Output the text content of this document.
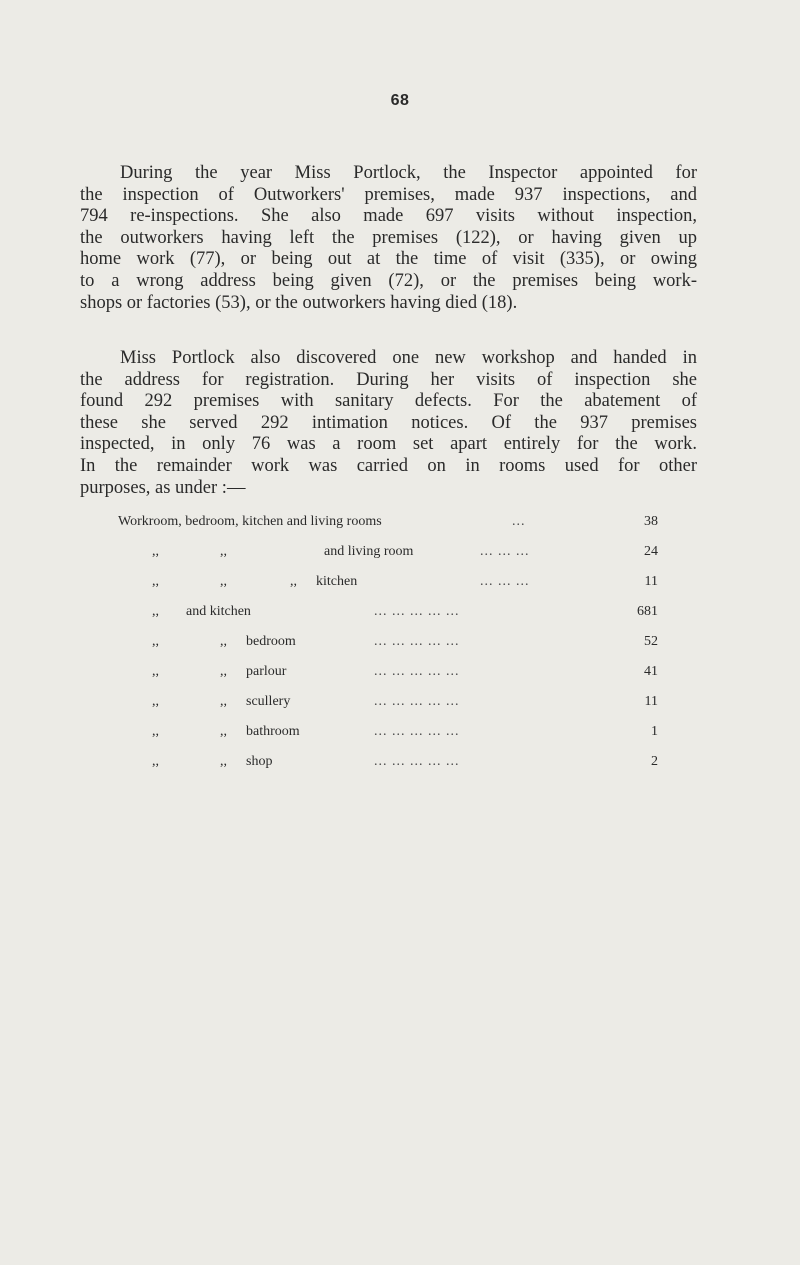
68
During the year Miss Portlock, the Inspector appointed for
the inspection of Outworkers' premises, made 937 inspections, and
794 re-inspections. She also made 697 visits without inspection,
the outworkers having left the premises (122), or having given up
home work (77), or being out at the time of visit (335), or owing
to a wrong address being given (72), or the premises being work-
shops or factories (53), or the outworkers having died (18).
Miss Portlock also discovered one new workshop and handed in
the address for registration. During her visits of inspection she
found 292 premises with sanitary defects. For the abatement of
these she served 292 intimation notices. Of the 937 premises
inspected, in only 76 was a room set apart entirely for the work.
In the remainder work was carried on in rooms used for other
purposes, as under :—
Workroom, bedroom, kitchen and living rooms	...	38
,,	,,	and living room	... ... ...	24
,,	,,	,, kitchen	... ... ...	11
,, and kitchen	... ... ... ... ...	681
,,	,, bedroom	... ... ... ... ...	52
,,	,, parlour	... ... ... ... ...	41
,,	,, scullery	... ... ... ... ...	11
,,	,, bathroom	... ... ... ... ...	1
,,	,, shop	... ... ... ... ...	2
